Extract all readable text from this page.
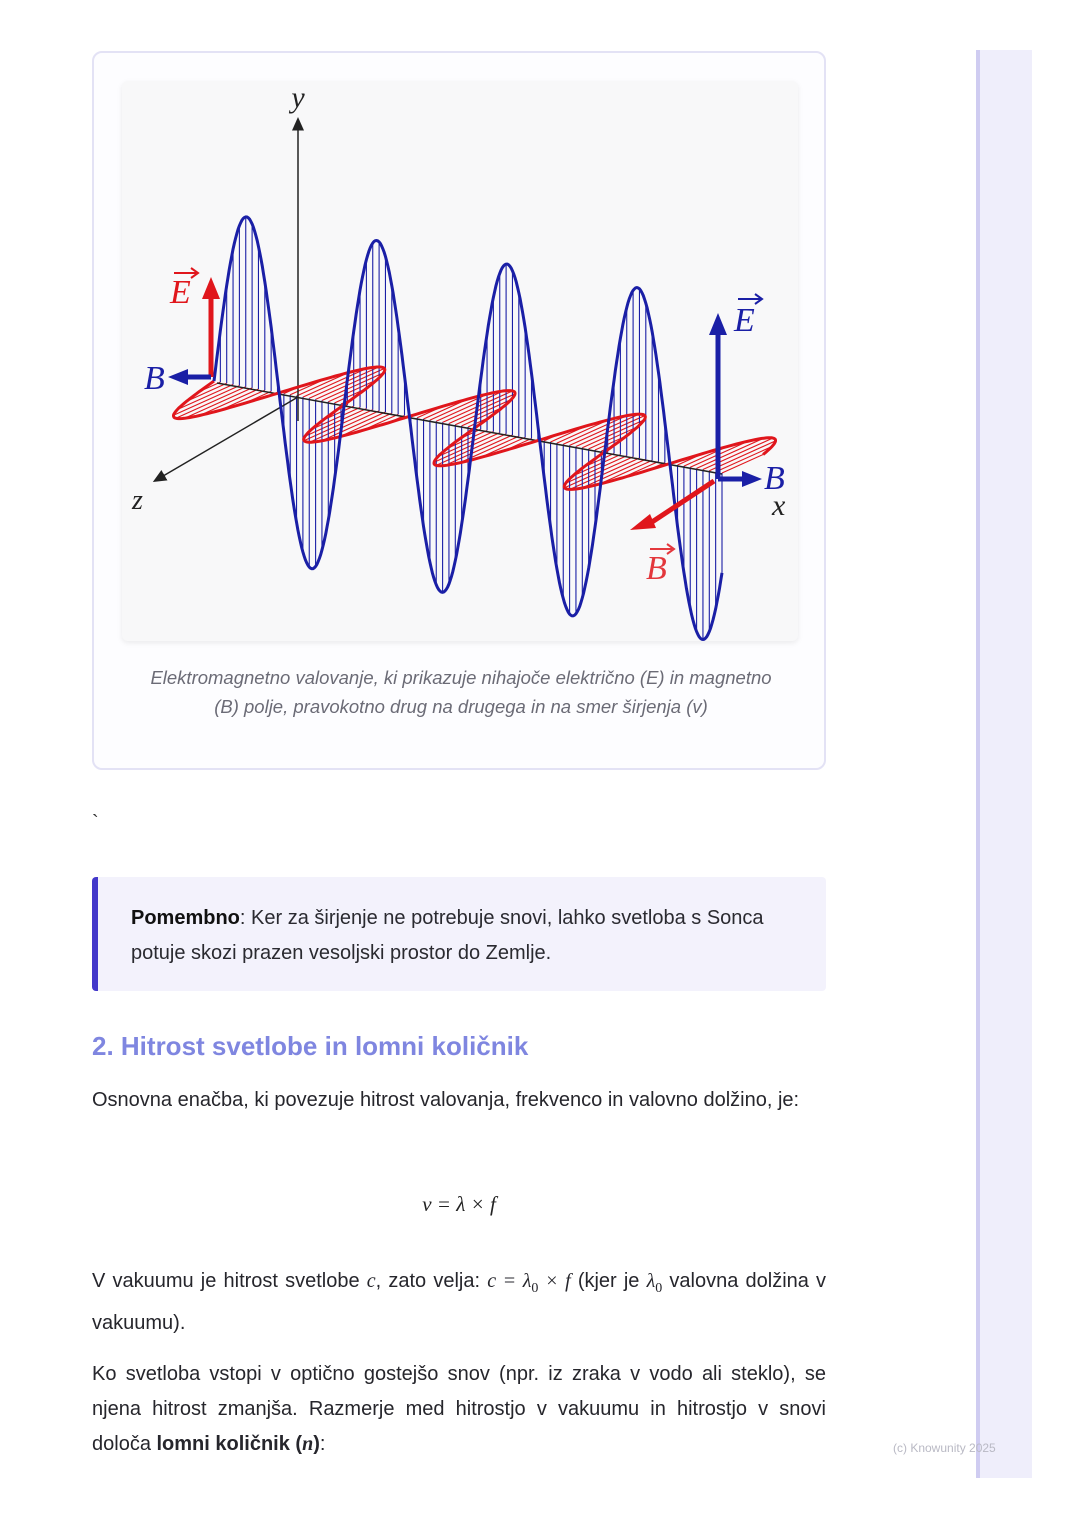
(c) Knowunity 2025
y
z	x
E
B
E
B
B
Elektromagnetno valovanje, ki prikazuje nihajoče električno (E) in magnetno
(B) polje, pravokotno drug na drugega in na smer širjenja (v)
`
Pomembno: Ker za širjenje ne potrebuje snovi, lahko svetloba s Sonca potuje skozi prazen vesoljski prostor do Zemlje.
2. Hitrost svetlobe in lomni količnik

Osnovna enačba, ki povezuje hitrost valovanja, frekvenco in valovno dolžino, je:

v = λ × f

V vakuumu je hitrost svetlobe c, zato velja: $c = \lambda_0 \times f$ (kjer je $\lambda_0$ valovna dolžina v vakuumu).

Ko svetloba vstopi v optično gostejšo snov (npr. iz zraka v vodo ali steklo), se njena hitrost zmanjša. Razmerje med hitrostjo v vakuumu in hitrostjo v snovi določa lomni količnik (n):
